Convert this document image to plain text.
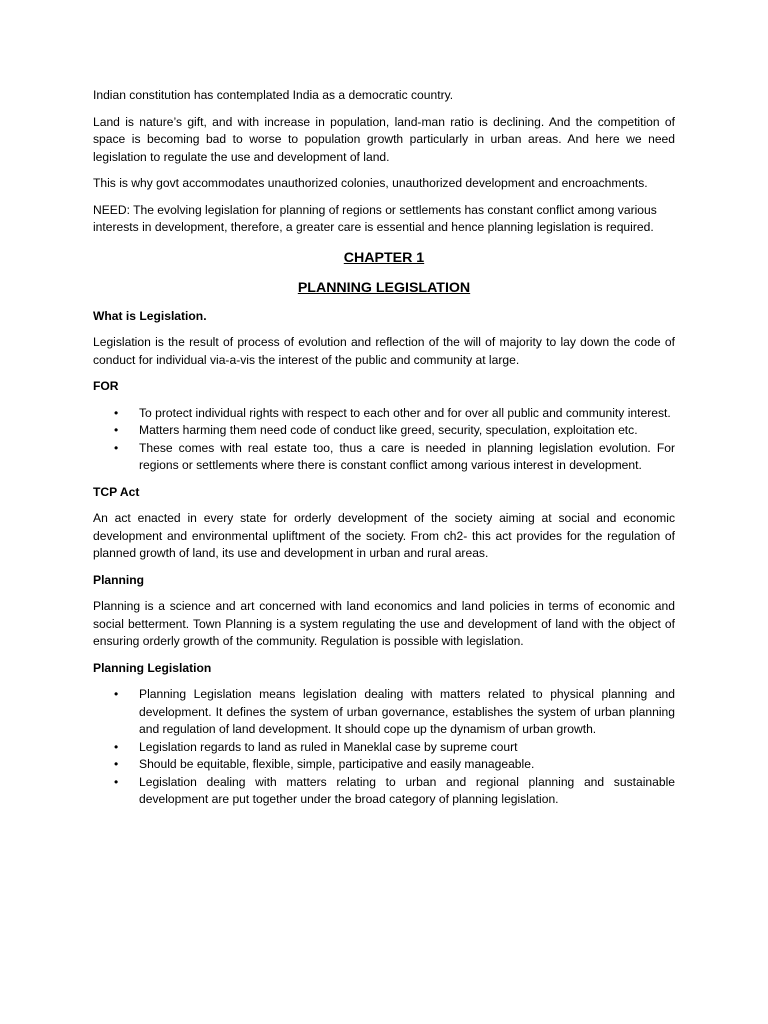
Indian constitution has contemplated India as a democratic country.

Land is nature’s gift, and with increase in population, land-man ratio is declining. And the competition of space is becoming bad to worse to population growth particularly in urban areas. And here we need legislation to regulate the use and development of land.

This is why govt accommodates unauthorized colonies, unauthorized development and encroachments.

NEED: The evolving legislation for planning of regions or settlements has constant conflict among various interests in development, therefore, a greater care is essential and hence planning legislation is required.

CHAPTER 1
PLANNING LEGISLATION

What is Legislation.

Legislation is the result of process of evolution and reflection of the will of majority to lay down the code of conduct for individual via-a-vis the interest of the public and community at large.

FOR

• To protect individual rights with respect to each other and for over all public and community interest.
• Matters harming them need code of conduct like greed, security, speculation, exploitation etc.
• These comes with real estate too, thus a care is needed in planning legislation evolution. For regions or settlements where there is constant conflict among various interest in development.

TCP Act

An act enacted in every state for orderly development of the society aiming at social and economic development and environmental upliftment of the society. From ch2- this act provides for the regulation of planned growth of land, its use and development in urban and rural areas.

Planning

Planning is a science and art concerned with land economics and land policies in terms of economic and social betterment. Town Planning is a system regulating the use and development of land with the object of ensuring orderly growth of the community. Regulation is possible with legislation.

Planning Legislation

• Planning Legislation means legislation dealing with matters related to physical planning and development. It defines the system of urban governance, establishes the system of urban planning and regulation of land development. It should cope up the dynamism of urban growth.
• Legislation regards to land as ruled in Maneklal case by supreme court
• Should be equitable, flexible, simple, participative and easily manageable.
• Legislation dealing with matters relating to urban and regional planning and sustainable development are put together under the broad category of planning legislation.
